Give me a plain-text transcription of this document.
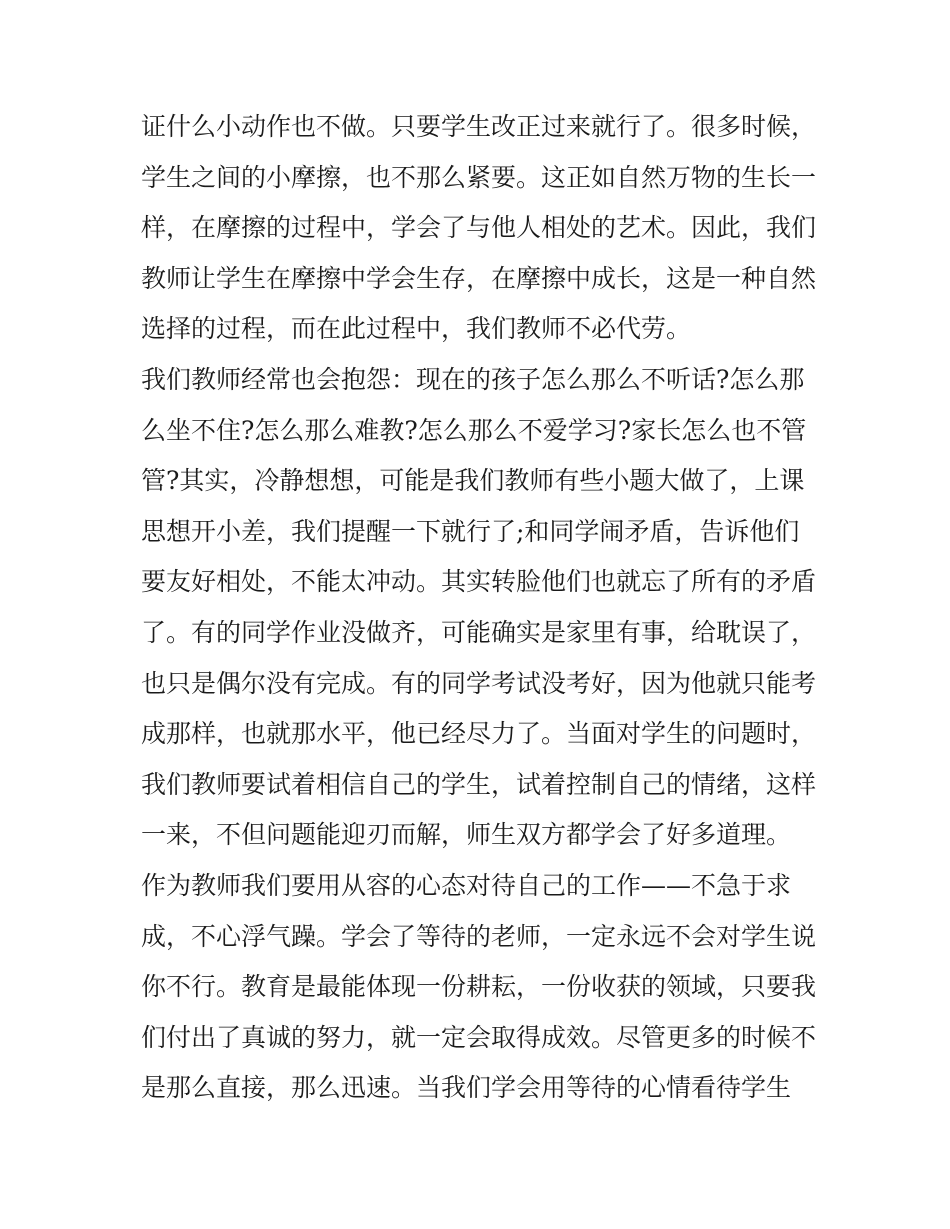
证什么小动作也不做。只要学生改正过来就行了。很多时候，
学生之间的小摩擦，也不那么紧要。这正如自然万物的生长一
样，在摩擦的过程中，学会了与他人相处的艺术。因此，我们
教师让学生在摩擦中学会生存，在摩擦中成长，这是一种自然
选择的过程，而在此过程中，我们教师不必代劳。
我们教师经常也会抱怨：现在的孩子怎么那么不听话?怎么那
么坐不住?怎么那么难教?怎么那么不爱学习?家长怎么也不管
管?其实，冷静想想，可能是我们教师有些小题大做了，上课
思想开小差，我们提醒一下就行了;和同学闹矛盾，告诉他们
要友好相处，不能太冲动。其实转脸他们也就忘了所有的矛盾
了。有的同学作业没做齐，可能确实是家里有事，给耽误了，
也只是偶尔没有完成。有的同学考试没考好，因为他就只能考
成那样，也就那水平，他已经尽力了。当面对学生的问题时，
我们教师要试着相信自己的学生，试着控制自己的情绪，这样
一来，不但问题能迎刃而解，师生双方都学会了好多道理。
作为教师我们要用从容的心态对待自己的工作——不急于求
成，不心浮气躁。学会了等待的老师，一定永远不会对学生说
你不行。教育是最能体现一份耕耘，一份收获的领域，只要我
们付出了真诚的努力，就一定会取得成效。尽管更多的时候不
是那么直接，那么迅速。当我们学会用等待的心情看待学生
